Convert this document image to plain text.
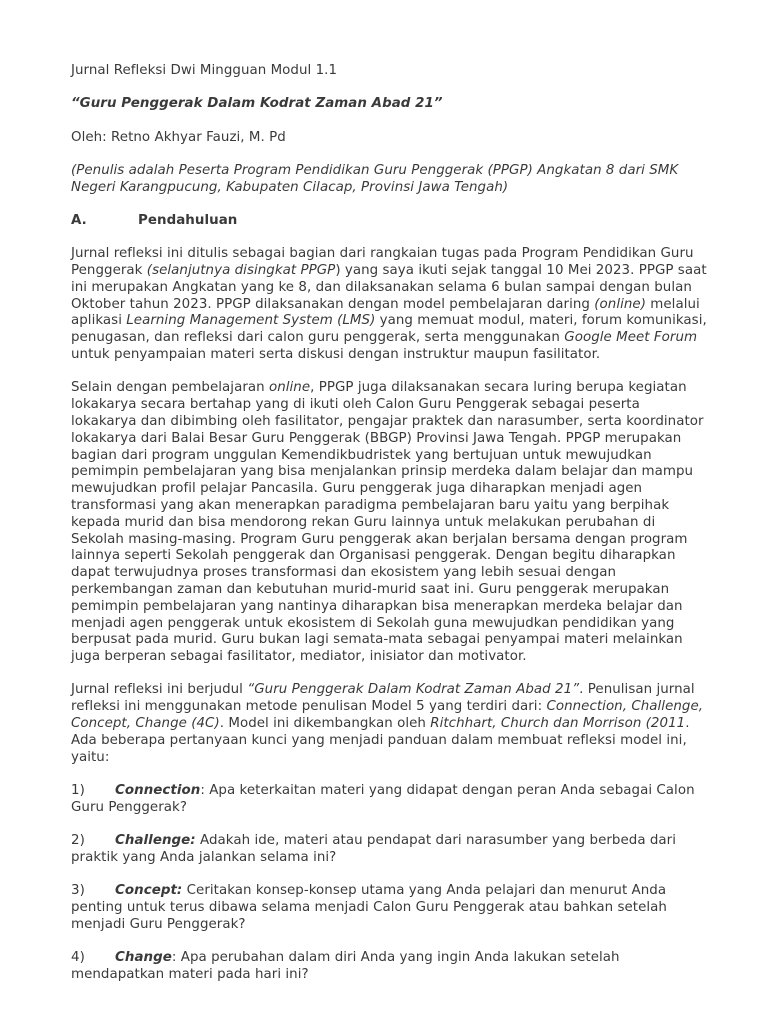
Jurnal Refleksi Dwi Mingguan Modul 1.1

“Guru Penggerak Dalam Kodrat Zaman Abad 21”

Oleh: Retno Akhyar Fauzi, M. Pd

(Penulis adalah Peserta Program Pendidikan Guru Penggerak (PPGP) Angkatan 8 dari SMK Negeri Karangpucung, Kabupaten Cilacap, Provinsi Jawa Tengah)

A.	Pendahuluan

Jurnal refleksi ini ditulis sebagai bagian dari rangkaian tugas pada Program Pendidikan Guru Penggerak (selanjutnya disingkat PPGP) yang saya ikuti sejak tanggal 10 Mei 2023. PPGP saat ini merupakan Angkatan yang ke 8, dan dilaksanakan selama 6 bulan sampai dengan bulan Oktober tahun 2023. PPGP dilaksanakan dengan model pembelajaran daring (online) melalui aplikasi Learning Management System (LMS) yang memuat modul, materi, forum komunikasi, penugasan, dan refleksi dari calon guru penggerak, serta menggunakan Google Meet Forum untuk penyampaian materi serta diskusi dengan instruktur maupun fasilitator.

Selain dengan pembelajaran online, PPGP juga dilaksanakan secara luring berupa kegiatan lokakarya secara bertahap yang di ikuti oleh Calon Guru Penggerak sebagai peserta lokakarya dan dibimbing oleh fasilitator, pengajar praktek dan narasumber, serta koordinator lokakarya dari Balai Besar Guru Penggerak (BBGP) Provinsi Jawa Tengah. PPGP merupakan bagian dari program unggulan Kemendikbudristek yang bertujuan untuk mewujudkan pemimpin pembelajaran yang bisa menjalankan prinsip merdeka dalam belajar dan mampu mewujudkan profil pelajar Pancasila. Guru penggerak juga diharapkan menjadi agen transformasi yang akan menerapkan paradigma pembelajaran baru yaitu yang berpihak kepada murid dan bisa mendorong rekan Guru lainnya untuk melakukan perubahan di Sekolah masing-masing. Program Guru penggerak akan berjalan bersama dengan program lainnya seperti Sekolah penggerak dan Organisasi penggerak. Dengan begitu diharapkan dapat terwujudnya proses transformasi dan ekosistem yang lebih sesuai dengan perkembangan zaman dan kebutuhan murid-murid saat ini. Guru penggerak merupakan pemimpin pembelajaran yang nantinya diharapkan bisa menerapkan merdeka belajar dan menjadi agen penggerak untuk ekosistem di Sekolah guna mewujudkan pendidikan yang berpusat pada murid. Guru bukan lagi semata-mata sebagai penyampai materi melainkan juga berperan sebagai fasilitator, mediator, inisiator dan motivator.

Jurnal refleksi ini berjudul “Guru Penggerak Dalam Kodrat Zaman Abad 21”. Penulisan jurnal refleksi ini menggunakan metode penulisan Model 5 yang terdiri dari: Connection, Challenge, Concept, Change (4C). Model ini dikembangkan oleh Ritchhart, Church dan Morrison (2011. Ada beberapa pertanyaan kunci yang menjadi panduan dalam membuat refleksi model ini, yaitu:

1) Connection: Apa keterkaitan materi yang didapat dengan peran Anda sebagai Calon Guru Penggerak?

2) Challenge: Adakah ide, materi atau pendapat dari narasumber yang berbeda dari praktik yang Anda jalankan selama ini?

3) Concept: Ceritakan konsep-konsep utama yang Anda pelajari dan menurut Anda penting untuk terus dibawa selama menjadi Calon Guru Penggerak atau bahkan setelah menjadi Guru Penggerak?

4) Change: Apa perubahan dalam diri Anda yang ingin Anda lakukan setelah mendapatkan materi pada hari ini?
